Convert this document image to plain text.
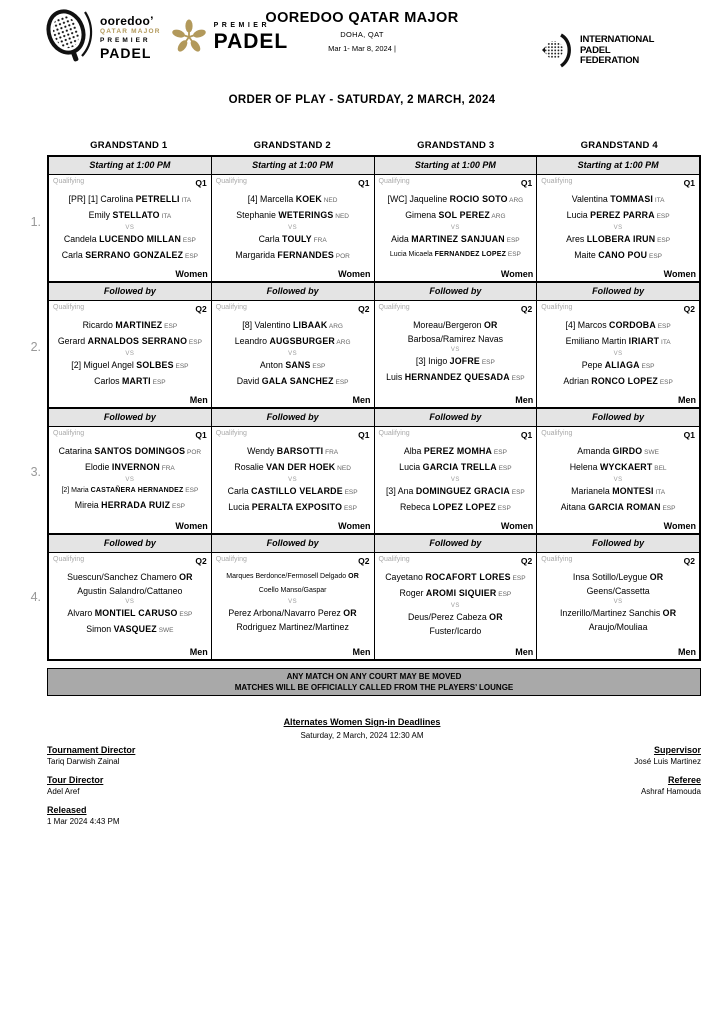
ooredoo’
QATAR MAJOR
PREMIER
PADEL
PREMIER
PADEL
OOREDOO QATAR MAJOR
DOHA, QAT
Mar 1- Mar 8, 2024 |
INTERNATIONAL
PADEL
FEDERATION
ORDER OF PLAY - SATURDAY, 2 MARCH, 2024
GRANDSTAND 1	GRANDSTAND 2	GRANDSTAND 3	GRANDSTAND 4
Starting at 1:00 PM	Starting at 1:00 PM	Starting at 1:00 PM	Starting at 1:00 PM
Qualifying	Q1
[PR] [1] Carolina PETRELLI ITA
Emily STELLATO ITA
VS
Candela LUCENDO MILLAN ESP
Carla SERRANO GONZALEZ ESP
Women
Qualifying	Q1
[4] Marcella KOEK NED
Stephanie WETERINGS NED
VS
Carla TOULY FRA
Margarida FERNANDES POR
Women
Qualifying	Q1
[WC] Jaqueline ROCIO SOTO ARG
Gimena SOL PEREZ ARG
VS
Aida MARTINEZ SANJUAN ESP
Lucia Micaela FERNANDEZ LOPEZ ESP
Women
Qualifying	Q1
Valentina TOMMASI ITA
Lucia PEREZ PARRA ESP
VS
Ares LLOBERA IRUN ESP
Maite CANO POU ESP
Women
Followed by	Followed by	Followed by	Followed by
Qualifying	Q2
Ricardo MARTINEZ ESP
Gerard ARNALDOS SERRANO ESP
VS
[2] Miguel Angel SOLBES ESP
Carlos MARTI ESP
Men
Qualifying	Q2
[8] Valentino LIBAAK ARG
Leandro AUGSBURGER ARG
VS
Anton SANS ESP
David GALA SANCHEZ ESP
Men
Qualifying	Q2
Moreau/Bergeron OR
Barbosa/Ramirez Navas
VS
[3] Inigo JOFRE ESP
Luis HERNANDEZ QUESADA ESP
Men
Qualifying	Q2
[4] Marcos CORDOBA ESP
Emiliano Martin IRIART ITA
VS
Pepe ALIAGA ESP
Adrian RONCO LOPEZ ESP
Men
Followed by	Followed by	Followed by	Followed by
Qualifying	Q1
Catarina SANTOS DOMINGOS POR
Elodie INVERNON FRA
VS
[2] Maria CASTAÑERA HERNANDEZ ESP
Mireia HERRADA RUIZ ESP
Women
Qualifying	Q1
Wendy BARSOTTI FRA
Rosalie VAN DER HOEK NED
VS
Carla CASTILLO VELARDE ESP
Lucia PERALTA EXPOSITO ESP
Women
Qualifying	Q1
Alba PEREZ MOMHA ESP
Lucia GARCIA TRELLA ESP
VS
[3] Ana DOMINGUEZ GRACIA ESP
Rebeca LOPEZ LOPEZ ESP
Women
Qualifying	Q1
Amanda GIRDO SWE
Helena WYCKAERT BEL
VS
Marianela MONTESI ITA
Aitana GARCIA ROMAN ESP
Women
Followed by	Followed by	Followed by	Followed by
Qualifying	Q2
Suescun/Sanchez Chamero OR
Agustin Salandro/Cattaneo
VS
Alvaro MONTIEL CARUSO ESP
Simon VASQUEZ SWE
Men
Qualifying	Q2
Marques Berdonce/Fermosell Delgado OR
Coello Manso/Gaspar
VS
Perez Arbona/Navarro Perez OR
Rodriguez Martinez/Martinez
Men
Qualifying	Q2
Cayetano ROCAFORT LORES ESP
Roger AROMI SIQUIER ESP
VS
Deus/Perez Cabeza OR
Fuster/Icardo
Men
Qualifying	Q2
Insa Sotillo/Leygue OR
Geens/Cassetta
VS
Inzerillo/Martinez Sanchis OR
Araujo/Mouliaa
Men
1.
2.
3.
4.
ANY MATCH ON ANY COURT MAY BE MOVED
MATCHES WILL BE OFFICIALLY CALLED FROM THE PLAYERS’ LOUNGE
Alternates Women Sign-in Deadlines
Saturday, 2 March, 2024 12:30 AM
Tournament Director
Tariq Darwish Zainal
Tour Director
Adel Aref
Released
1 Mar 2024 4:43 PM
Supervisor
José Luis Martinez
Referee
Ashraf Hamouda
